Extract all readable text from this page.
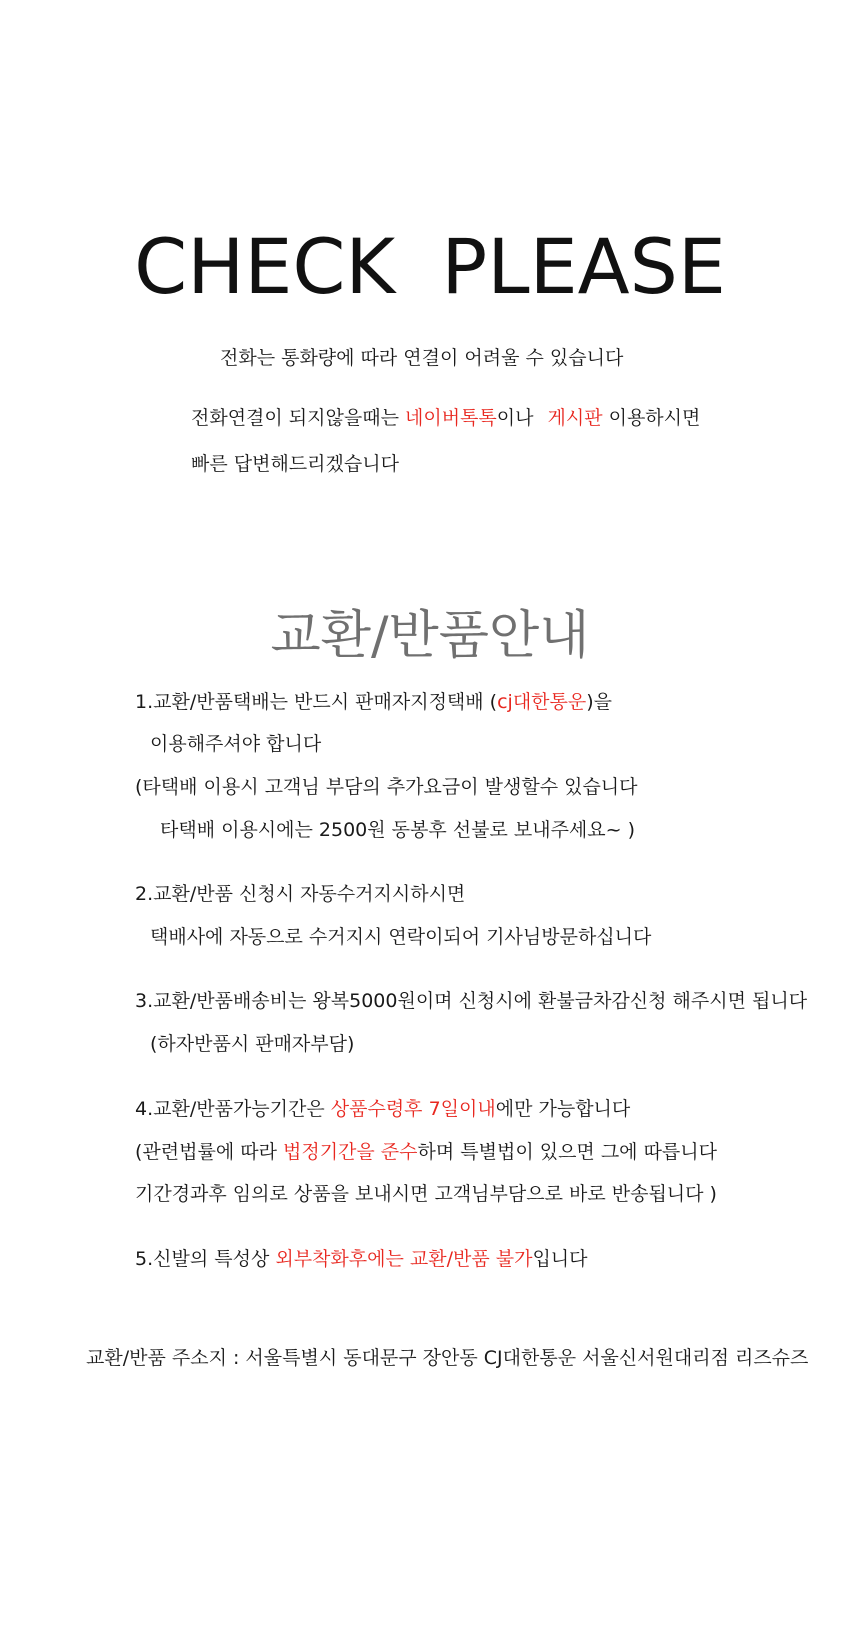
CHECK PLEASE
전화는 통화량에 따라 연결이 어려울 수 있습니다
전화연결이 되지않을때는 네이버톡톡이나 게시판 이용하시면
빠른 답변해드리겠습니다
교환/반품안내
1.교환/반품택배는 반드시 판매자지정택배 (cj대한통운)을
이용해주셔야 합니다
(타택배 이용시 고객님 부담의 추가요금이 발생할수 있습니다
타택배 이용시에는 2500원 동봉후 선불로 보내주세요~ )
2.교환/반품 신청시 자동수거지시하시면
택배사에 자동으로 수거지시 연락이되어 기사님방문하십니다
3.교환/반품배송비는 왕복5000원이며 신청시에 환불금차감신청 해주시면 됩니다
(하자반품시 판매자부담)
4.교환/반품가능기간은 상품수령후 7일이내에만 가능합니다
(관련법률에 따라 법정기간을 준수하며 특별법이 있으면 그에 따릅니다
기간경과후 임의로 상품을 보내시면 고객님부담으로 바로 반송됩니다 )
5.신발의 특성상 외부착화후에는 교환/반품 불가입니다
교환/반품 주소지 : 서울특별시 동대문구 장안동 CJ대한통운 서울신서원대리점 리즈슈즈
